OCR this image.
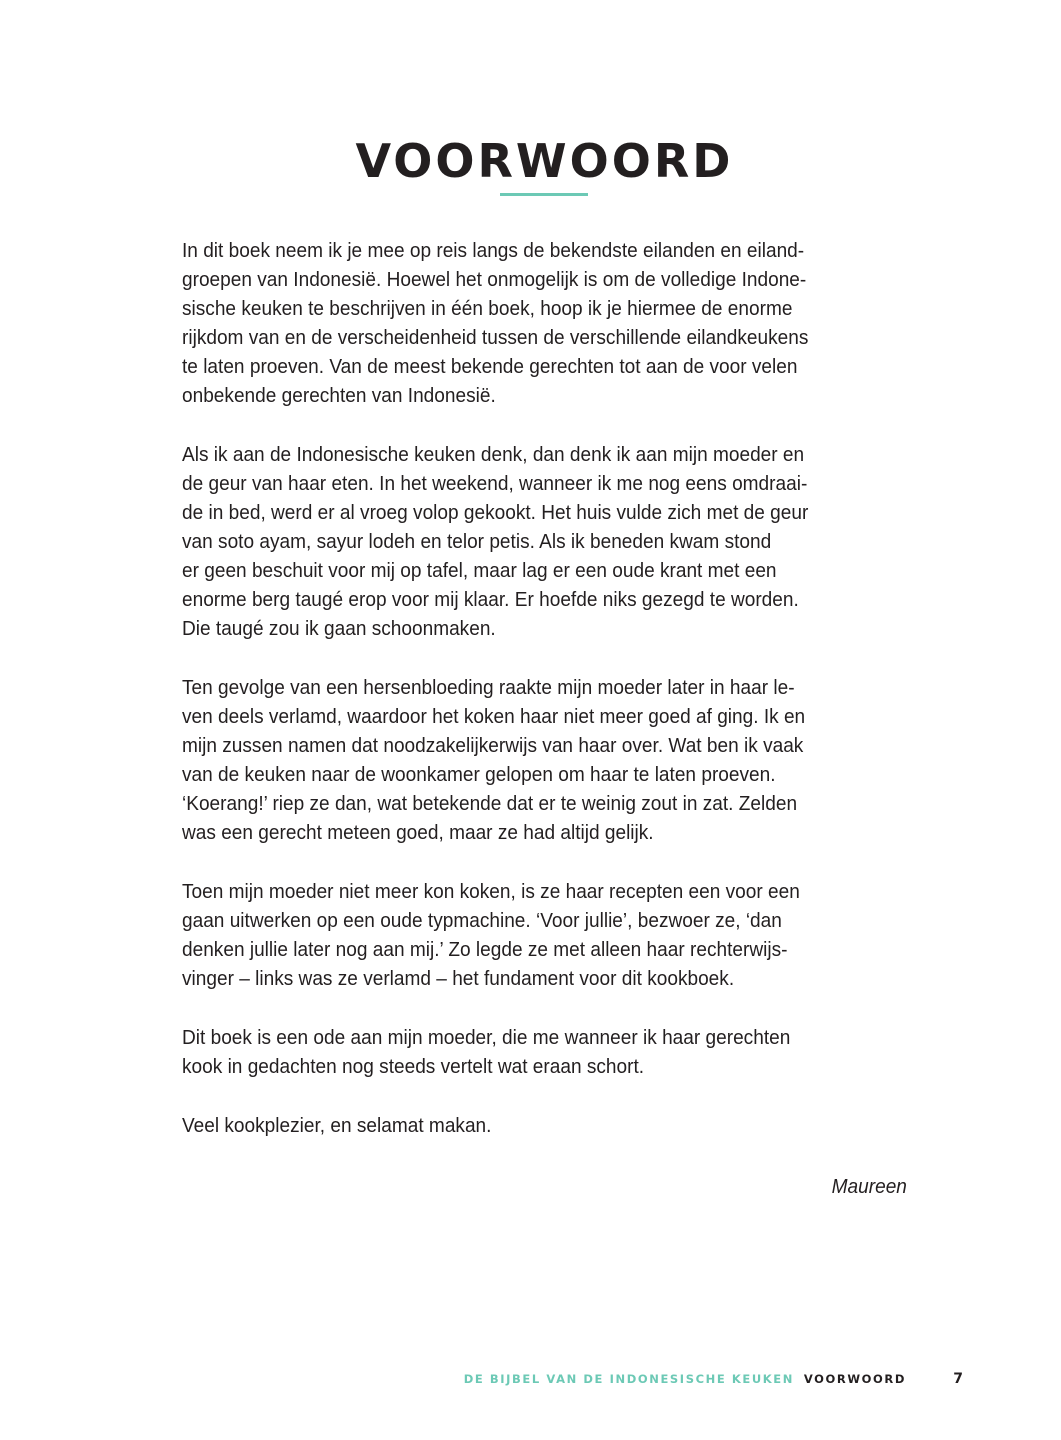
VOORWOORD

In dit boek neem ik je mee op reis langs de bekendste eilanden en eiland-
groepen van Indonesië. Hoewel het onmogelijk is om de volledige Indone-
sische keuken te beschrijven in één boek, hoop ik je hiermee de enorme
rijkdom van en de verscheidenheid tussen de verschillende eilandkeukens
te laten proeven. Van de meest bekende gerechten tot aan de voor velen
onbekende gerechten van Indonesië.

Als ik aan de Indonesische keuken denk, dan denk ik aan mijn moeder en
de geur van haar eten. In het weekend, wanneer ik me nog eens omdraai-
de in bed, werd er al vroeg volop gekookt. Het huis vulde zich met de geur
van soto ayam, sayur lodeh en telor petis. Als ik beneden kwam stond
er geen beschuit voor mij op tafel, maar lag er een oude krant met een
enorme berg taugé erop voor mij klaar. Er hoefde niks gezegd te worden.
Die taugé zou ik gaan schoonmaken.

Ten gevolge van een hersenbloeding raakte mijn moeder later in haar le-
ven deels verlamd, waardoor het koken haar niet meer goed af ging. Ik en
mijn zussen namen dat noodzakelijkerwijs van haar over. Wat ben ik vaak
van de keuken naar de woonkamer gelopen om haar te laten proeven.
‘Koerang!’ riep ze dan, wat betekende dat er te weinig zout in zat. Zelden
was een gerecht meteen goed, maar ze had altijd gelijk.

Toen mijn moeder niet meer kon koken, is ze haar recepten een voor een
gaan uitwerken op een oude typmachine. ‘Voor jullie’, bezwoer ze, ‘dan
denken jullie later nog aan mij.’ Zo legde ze met alleen haar rechterwijs-
vinger – links was ze verlamd – het fundament voor dit kookboek.

Dit boek is een ode aan mijn moeder, die me wanneer ik haar gerechten
kook in gedachten nog steeds vertelt wat eraan schort.

Veel kookplezier, en selamat makan.

Maureen
DE BIJBEL VAN DE INDONESISCHE KEUKEN VOORWOORD	7
